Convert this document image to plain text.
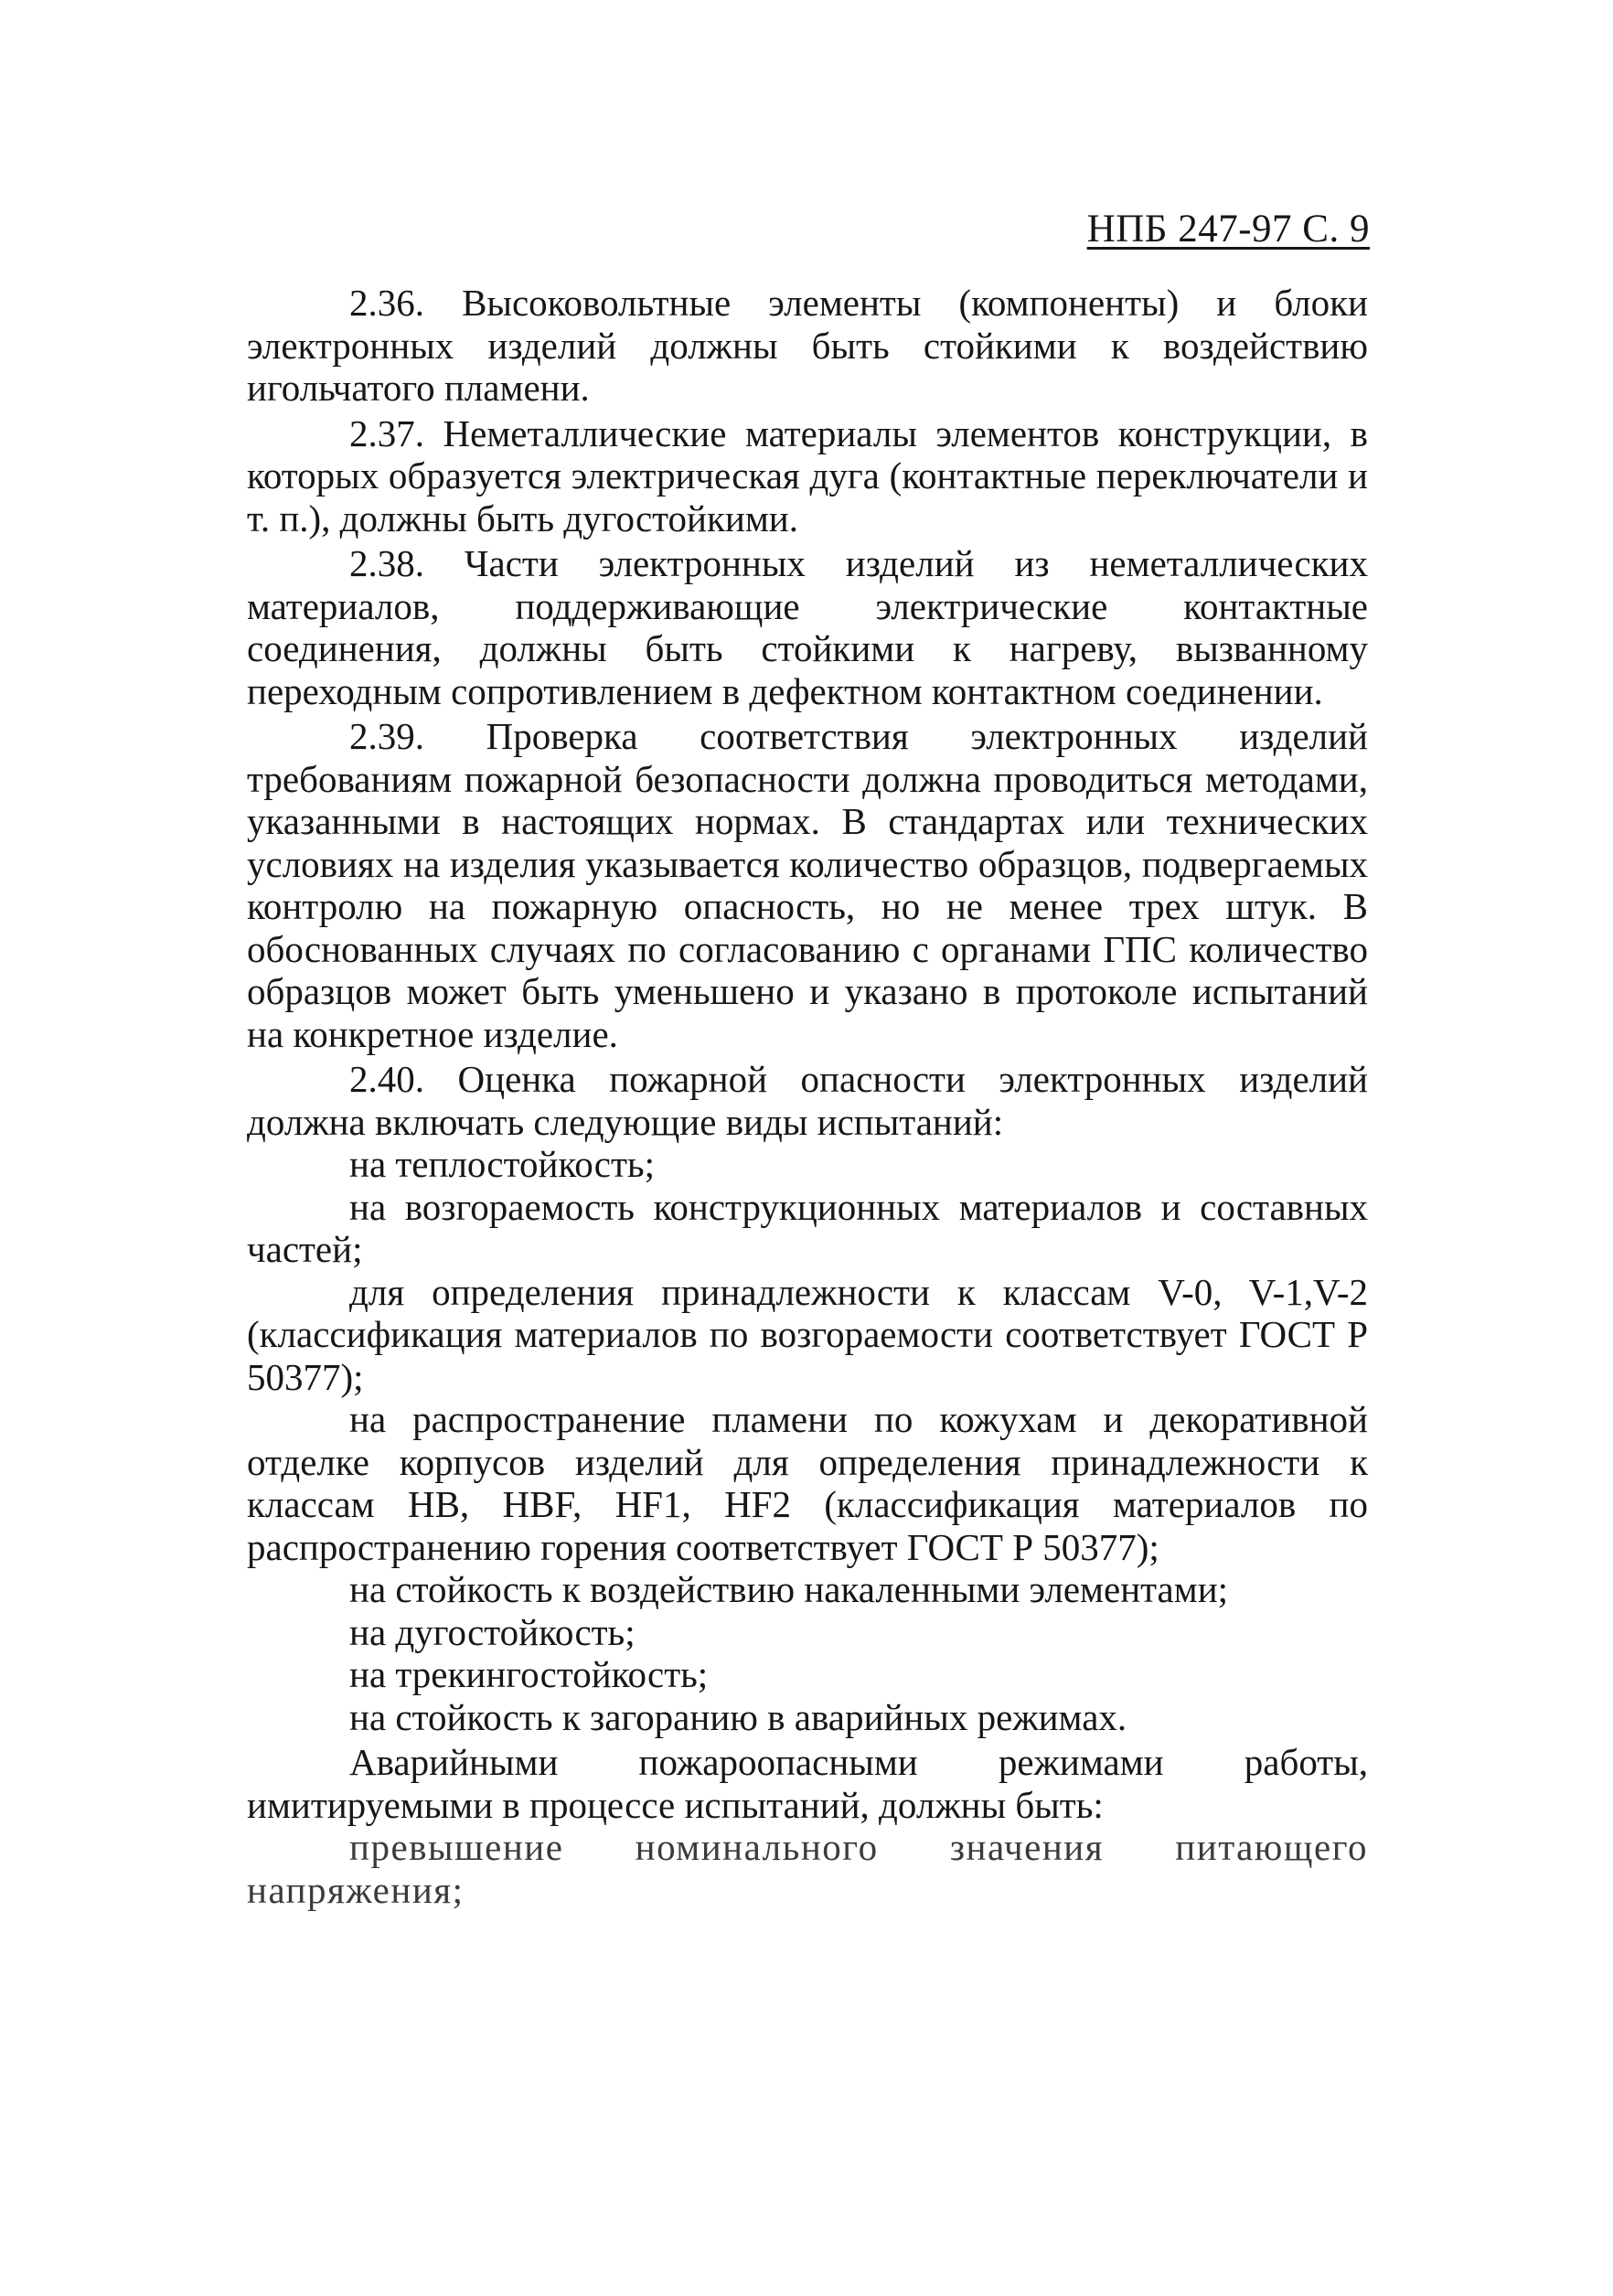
НПБ 247-97 С. 9

2.36. Высоковольтные элементы (компоненты) и блоки электронных изделий должны быть стойкими к воздействию игольчатого пламени.

2.37. Неметаллические материалы элементов конструкции, в которых образуется электрическая дуга (контактные переключатели и т. п.), должны быть дугостойкими.

2.38. Части электронных изделий из неметаллических материалов, поддерживающие электрические контактные соединения, должны быть стойкими к нагреву, вызванному переходным сопротивлением в дефектном контактном соединении.

2.39. Проверка соответствия электронных изделий требованиям пожарной безопасности должна проводиться методами, указанными в настоящих нормах. В стандартах или технических условиях на изделия указывается количество образцов, подвергаемых контролю на пожарную опасность, но не менее трех штук. В обоснованных случаях по согласованию с органами ГПС количество образцов может быть уменьшено и указано в протоколе испытаний на конкретное изделие.

2.40. Оценка пожарной опасности электронных изделий должна включать следующие виды испытаний:

на теплостойкость;

на возгораемость конструкционных материалов и составных частей;

для определения принадлежности к классам V-0, V-1,V-2 (классификация материалов по возгораемости соответствует ГОСТ Р 50377);

на распространение пламени по кожухам и декоративной отделке корпусов изделий для определения принадлежности к классам НВ, HBF, HF1, HF2 (классификация материалов по распространению горения соответствует ГОСТ Р 50377);

на стойкость к воздействию накаленными элементами;

на дугостойкость;

на трекингостойкость;

на стойкость к загоранию в аварийных режимах.

Аварийными пожароопасными режимами работы, имитируемыми в процессе испытаний, должны быть:

превышение номинального значения питающего напряжения;
